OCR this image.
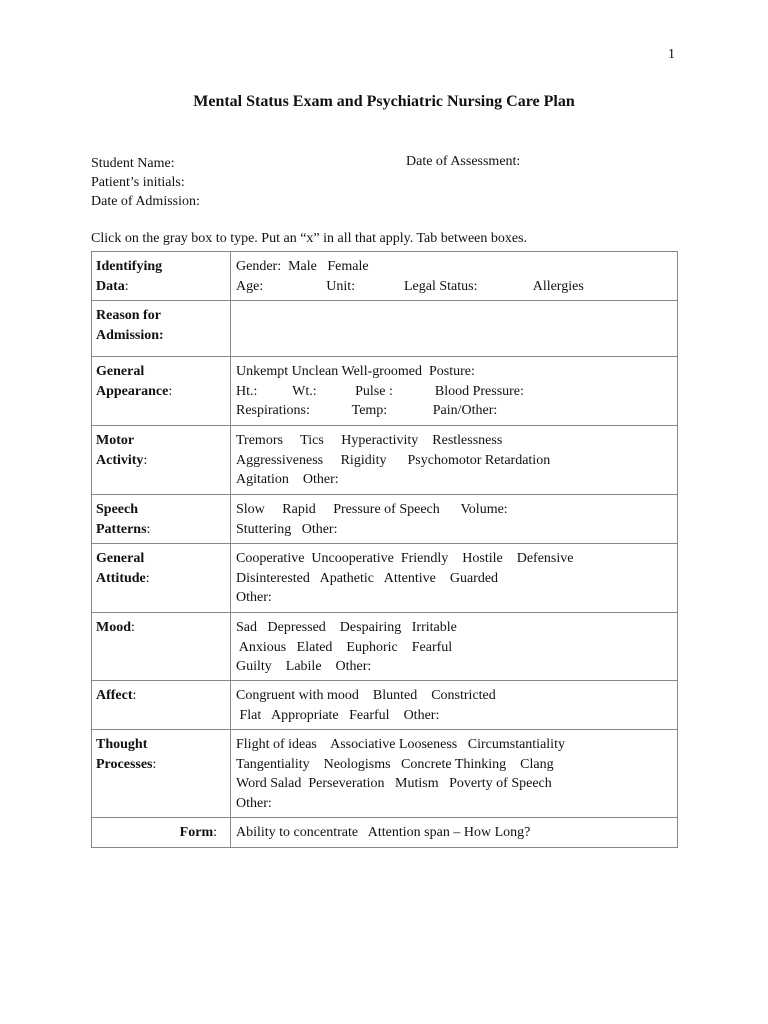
1
Mental Status Exam and Psychiatric Nursing Care Plan
Student Name:
Patient’s initials:
Date of Admission:
Date of Assessment:
Click on the gray box to type. Put an “x” in all that apply. Tab between boxes.
Identifying
Data:	Gender:  Male   Female
Age:                  Unit:              Legal Status:                Allergies

Reason for
Admission:	
General
Appearance:	Unkempt Unclean Well-groomed  Posture:
Ht.:          Wt.:           Pulse :            Blood Pressure:
Respirations:            Temp:             Pain/Other:

Motor
Activity:	Tremors     Tics     Hyperactivity    Restlessness
Aggressiveness     Rigidity      Psychomotor Retardation
Agitation    Other:

Speech
Patterns:	Slow     Rapid     Pressure of Speech      Volume:
Stuttering   Other:

General
Attitude:	Cooperative  Uncooperative  Friendly    Hostile    Defensive
Disinterested   Apathetic   Attentive    Guarded
Other:

Mood:	Sad   Depressed    Despairing   Irritable
Anxious   Elated    Euphoric    Fearful
Guilty    Labile    Other:

Affect:	Congruent with mood    Blunted    Constricted
Flat   Appropriate   Fearful    Other:

Thought
Processes:	Flight of ideas    Associative Looseness   Circumstantiality
Tangentiality    Neologisms   Concrete Thinking    Clang
Word Salad  Perseveration   Mutism   Poverty of Speech
Other:

Form:	Ability to concentrate   Attention span – How Long?
